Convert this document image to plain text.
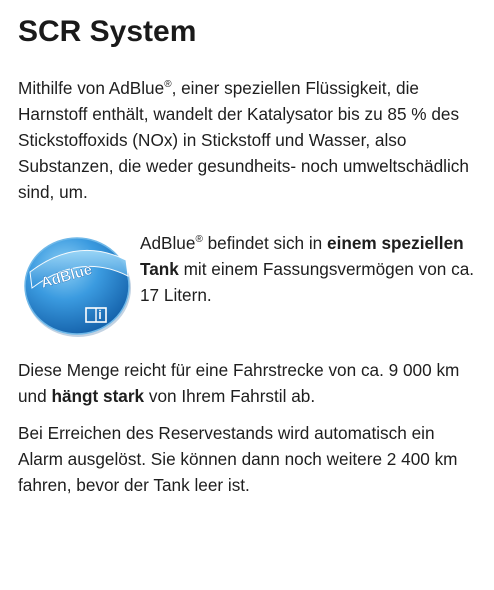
SCR System

Mithilfe von AdBlue®, einer speziellen Flüssigkeit, die Harnstoff enthält, wandelt der Katalysator bis zu 85 % des Stickstoffoxids (NOx) in Stickstoff und Wasser, also Substanzen, die weder gesundheits- noch umweltschädlich sind, um.

AdBlue

AdBlue® befindet sich in einem speziellen Tank mit einem Fassungsvermögen von ca. 17 Litern.

Diese Menge reicht für eine Fahrstrecke von ca. 9 000 km und hängt stark von Ihrem Fahrstil ab.

Bei Erreichen des Reservestands wird automatisch ein Alarm ausgelöst. Sie können dann noch weitere 2 400 km fahren, bevor der Tank leer ist.
